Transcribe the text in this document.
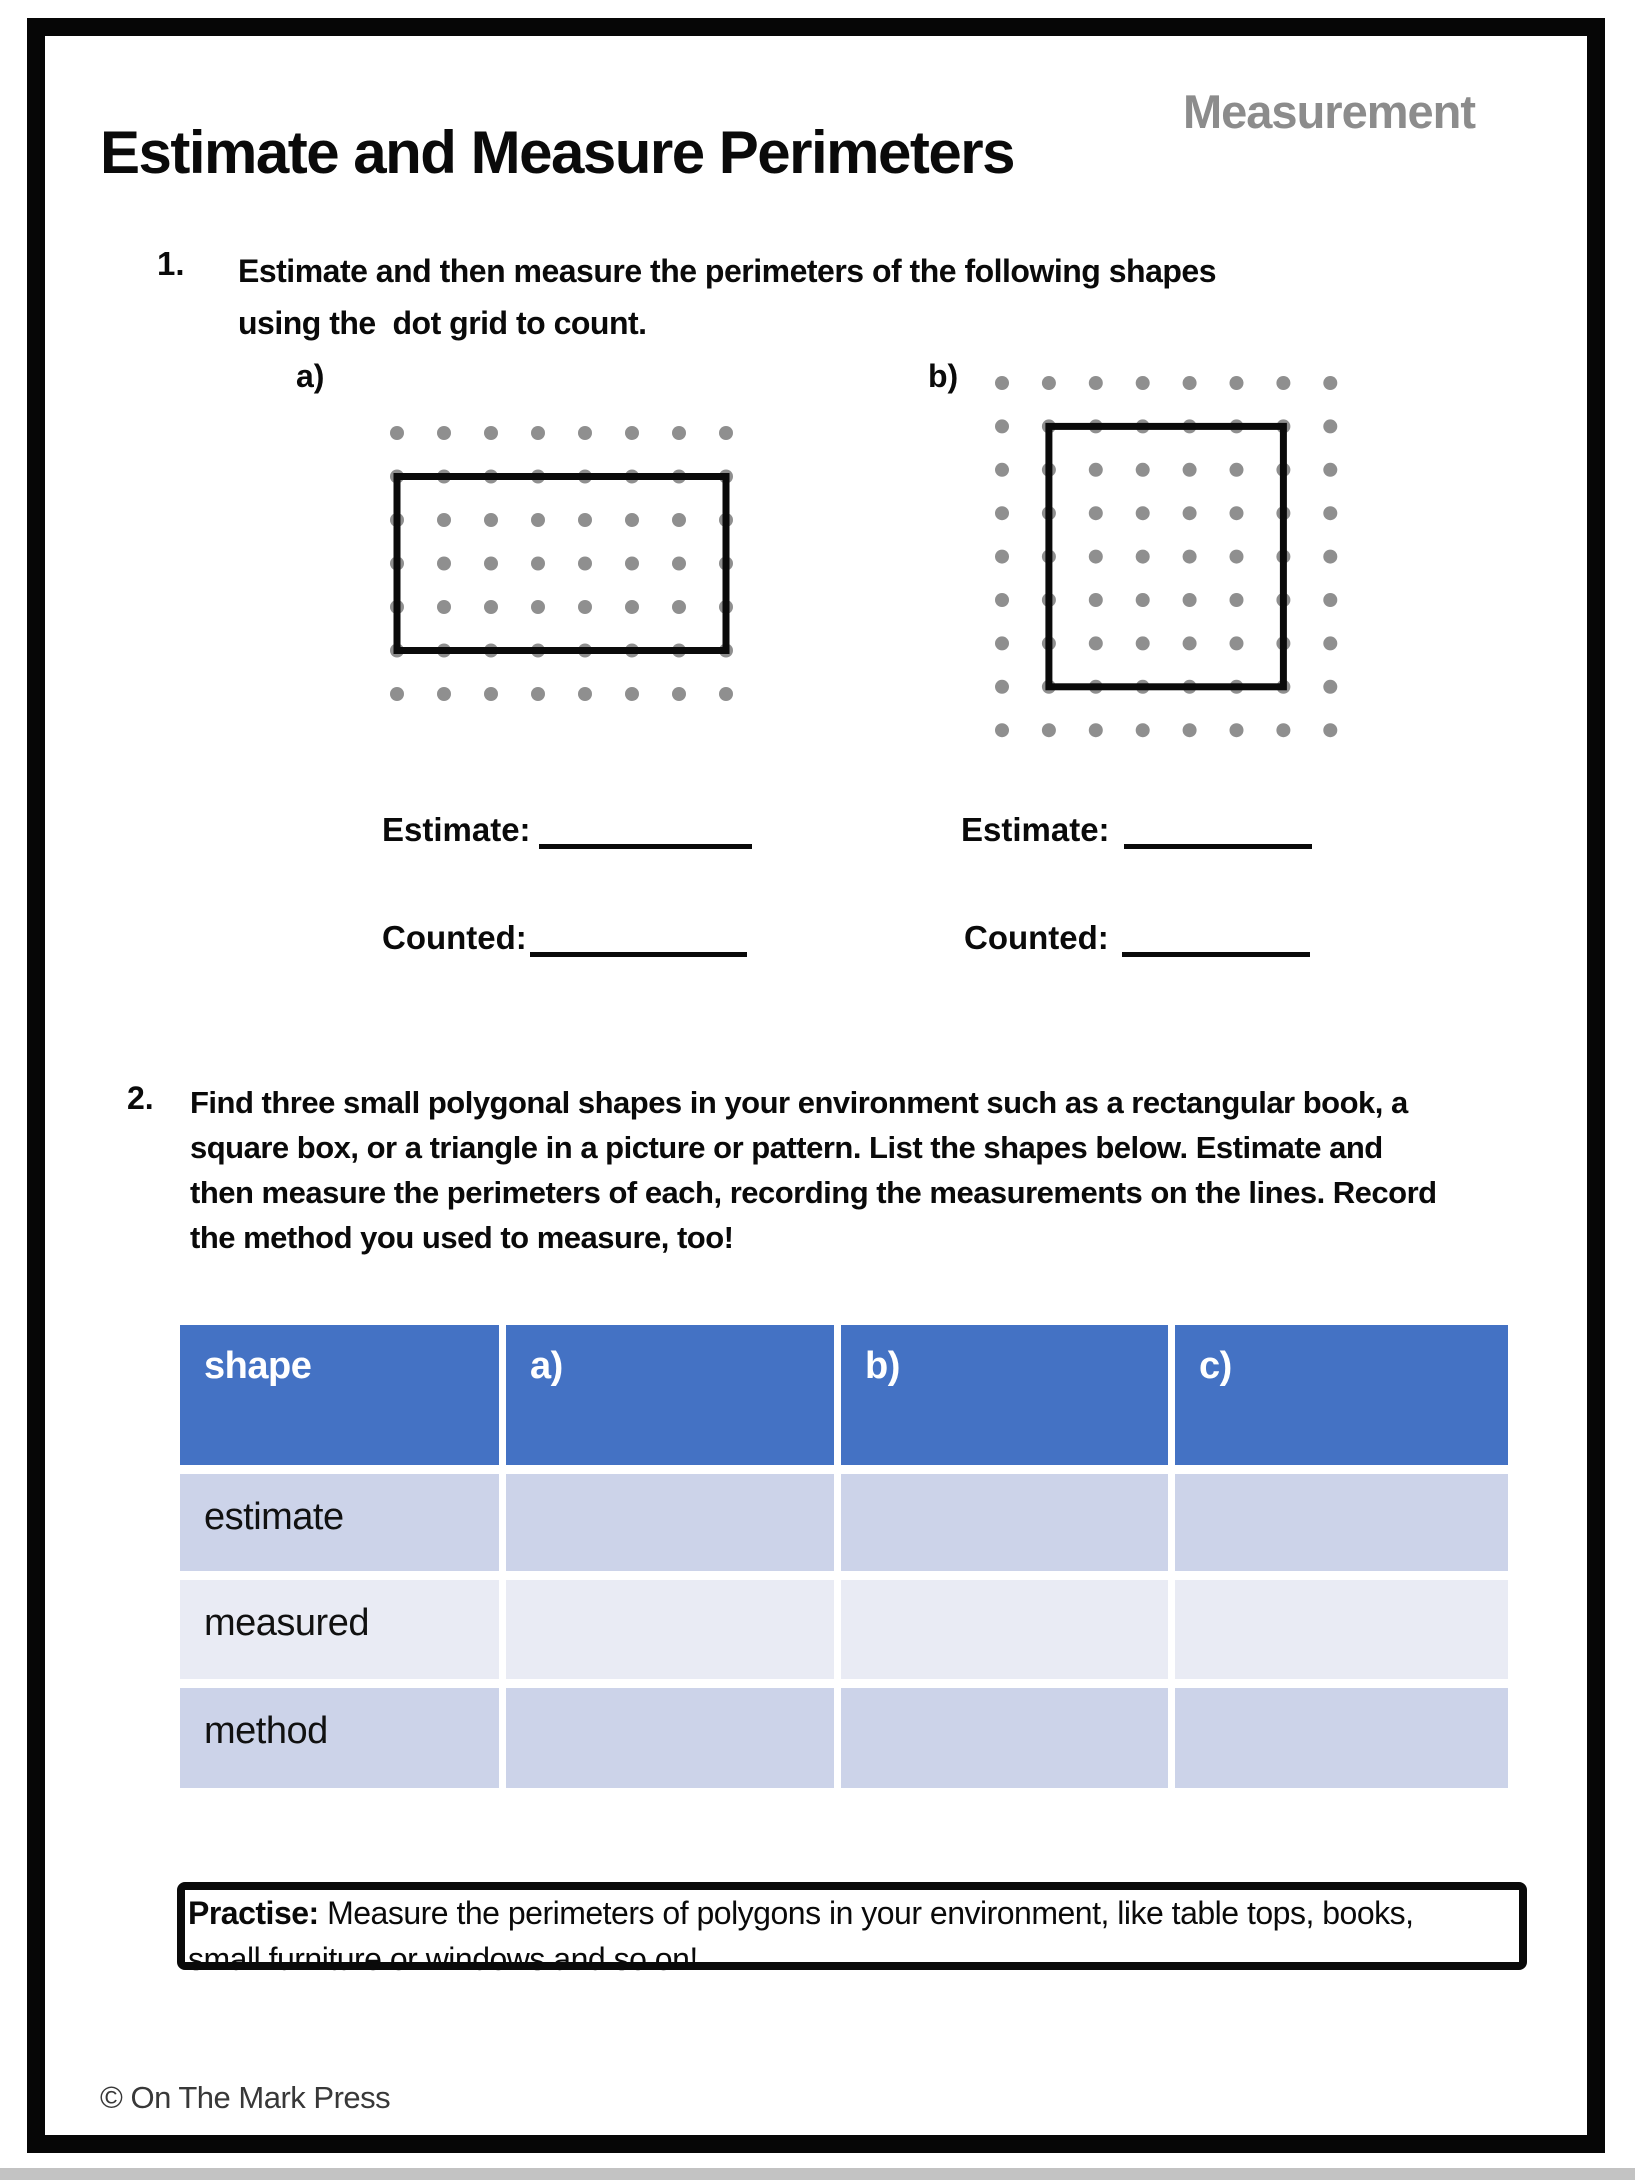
Measurement
Estimate and Measure Perimeters
1. Estimate and then measure the perimeters of the following shapes
using the  dot grid to count.
a)	b)
Estimate:	Estimate:
Counted:	Counted:
2. Find three small polygonal shapes in your environment such as a rectangular book, a
square box, or a triangle in a picture or pattern. List the shapes below. Estimate and
then measure the perimeters of each, recording the measurements on the lines. Record
the method you used to measure, too!
shape	a)	b)	c)
estimate
measured
method
Practise: Measure the perimeters of polygons in your environment, like table tops, books,
small furniture or windows and so on!
© On The Mark Press
